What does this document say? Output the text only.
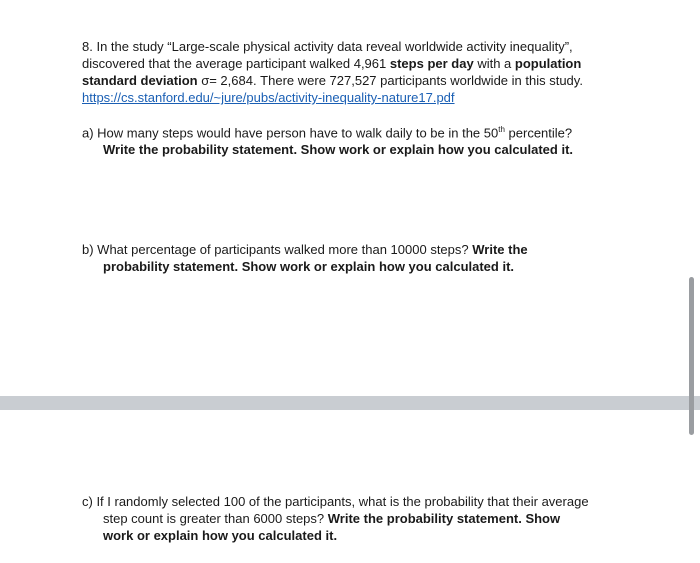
8. In the study “Large-scale physical activity data reveal worldwide activity inequality”,
discovered that the average participant walked 4,961 steps per day with a population
standard deviation σ= 2,684. There were 727,527 participants worldwide in this study.
https://cs.stanford.edu/~jure/pubs/activity-inequality-nature17.pdf
a) How many steps would have person have to walk daily to be in the 50th percentile?
Write the probability statement. Show work or explain how you calculated it.
b) What percentage of participants walked more than 10000 steps? Write the
probability statement. Show work or explain how you calculated it.
c) If I randomly selected 100 of the participants, what is the probability that their average
step count is greater than 6000 steps? Write the probability statement. Show
work or explain how you calculated it.
